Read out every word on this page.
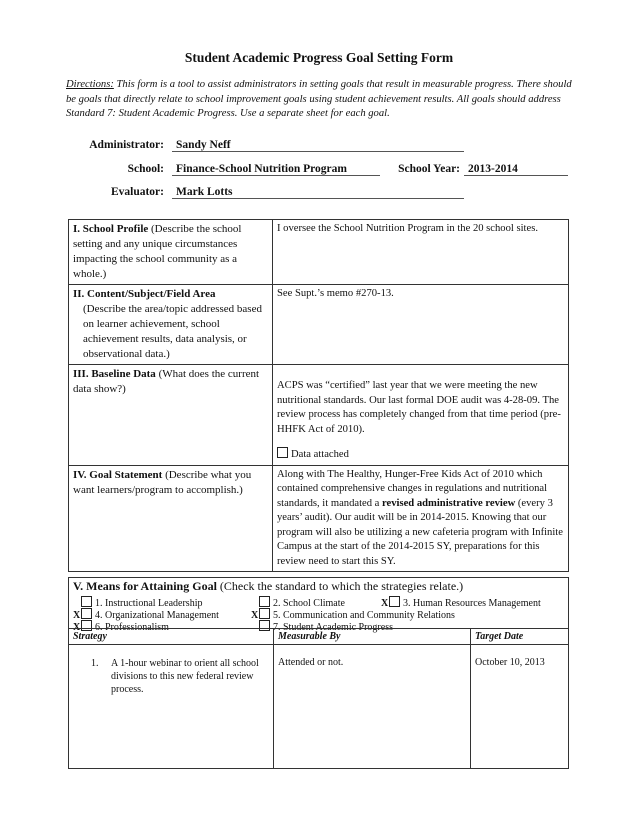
Student Academic Progress Goal Setting Form
Directions: This form is a tool to assist administrators in setting goals that result in measurable progress. There should be goals that directly relate to school improvement goals using student achievement results. All goals should address Standard 7: Student Academic Progress. Use a separate sheet for each goal.
Administrator:	Sandy Neff
School:	Finance-School Nutrition Program	School Year: 2013-2014
Evaluator:	Mark Lotts
I. School Profile (Describe the school setting and any unique circumstances impacting the school community as a whole.)	I oversee the School Nutrition Program in the 20 school sites.

II. Content/Subject/Field Area
(Describe the area/topic addressed based on learner achievement, school achievement results, data analysis, or observational data.)	See Supt.’s memo #270-13.
III. Baseline Data (What does the current data show?)	ACPS was “certified” last year that we were meeting the new nutritional standards. Our last formal DOE audit was 4-28-09. The review process has completely changed from that time period (pre-HHFK Act of 2010).
Data attached

IV. Goal Statement (Describe what you want learners/program to accomplish.)	Along with The Healthy, Hunger-Free Kids Act of 2010 which contained comprehensive changes in regulations and nutritional standards, it mandated a revised administrative review (every 3 years’ audit). Our audit will be in 2014-2015. Knowing that our program will also be utilizing a new cafeteria program with Infinite Campus at the start of the 2014-2015 SY, preparations for this review need to start this SY.
V. Means for Attaining Goal (Check the standard to which the strategies relate.)
1. Instructional Leadership	2. School Climate	X 3. Human Resources Management
X 4. Organizational Management	X 5. Communication and Community Relations
X 6. Professionalism	7. Student Academic Progress
Strategy	Measurable By	Target Date

1. A 1-hour webinar to orient all school divisions to this new federal review process.	Attended or not.	October 10, 2013
